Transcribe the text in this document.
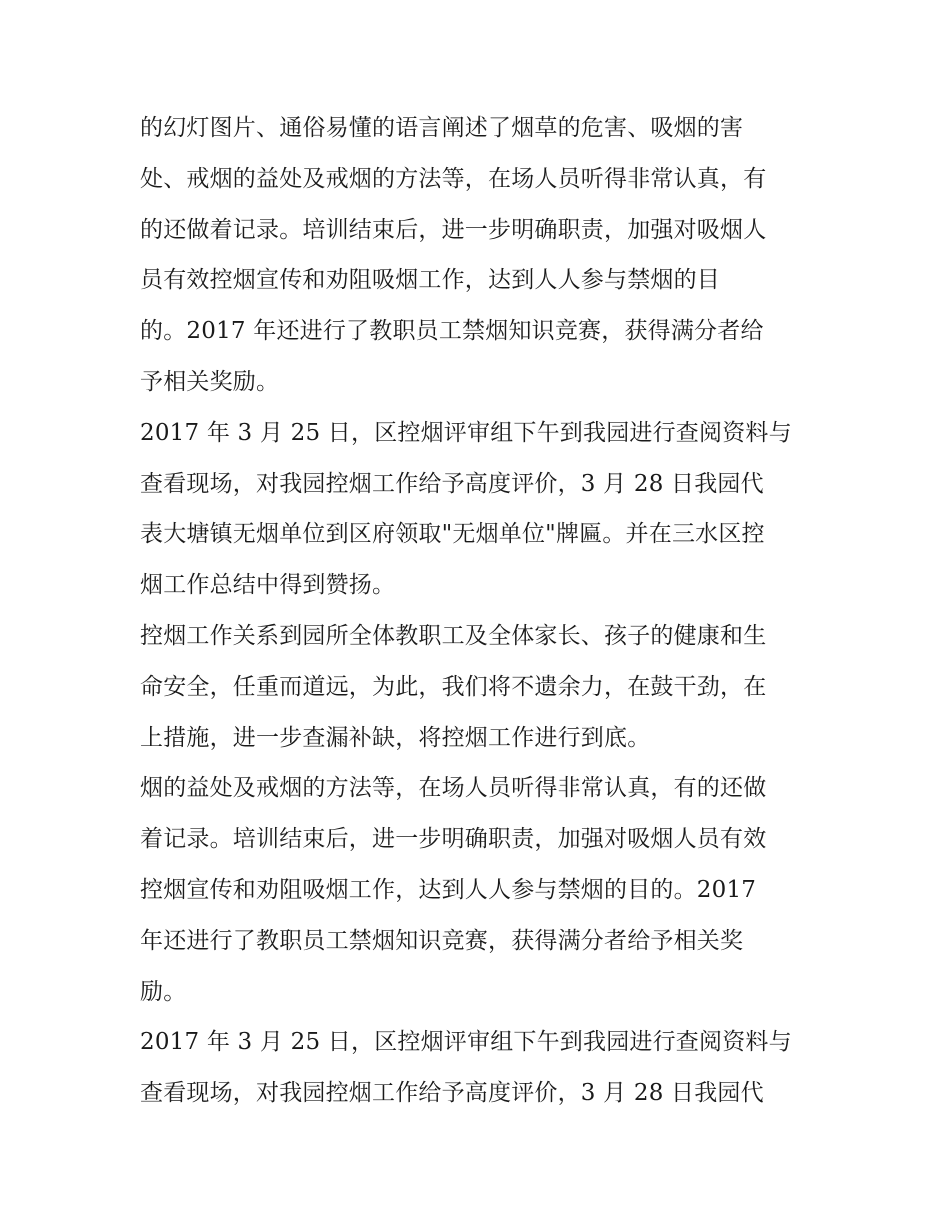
的幻灯图片、通俗易懂的语言阐述了烟草的危害、吸烟的害
处、戒烟的益处及戒烟的方法等，在场人员听得非常认真，有
的还做着记录。培训结束后，进一步明确职责，加强对吸烟人
员有效控烟宣传和劝阻吸烟工作，达到人人参与禁烟的目
的。2017 年还进行了教职员工禁烟知识竞赛，获得满分者给
予相关奖励。
2017 年 3 月 25 日，区控烟评审组下午到我园进行查阅资料与
查看现场，对我园控烟工作给予高度评价，3 月 28 日我园代
表大塘镇无烟单位到区府领取"无烟单位"牌匾。并在三水区控
烟工作总结中得到赞扬。
控烟工作关系到园所全体教职工及全体家长、孩子的健康和生
命安全，任重而道远，为此，我们将不遗余力，在鼓干劲，在
上措施，进一步查漏补缺，将控烟工作进行到底。
烟的益处及戒烟的方法等，在场人员听得非常认真，有的还做
着记录。培训结束后，进一步明确职责，加强对吸烟人员有效
控烟宣传和劝阻吸烟工作，达到人人参与禁烟的目的。2017
年还进行了教职员工禁烟知识竞赛，获得满分者给予相关奖
励。
2017 年 3 月 25 日，区控烟评审组下午到我园进行查阅资料与
查看现场，对我园控烟工作给予高度评价，3 月 28 日我园代
